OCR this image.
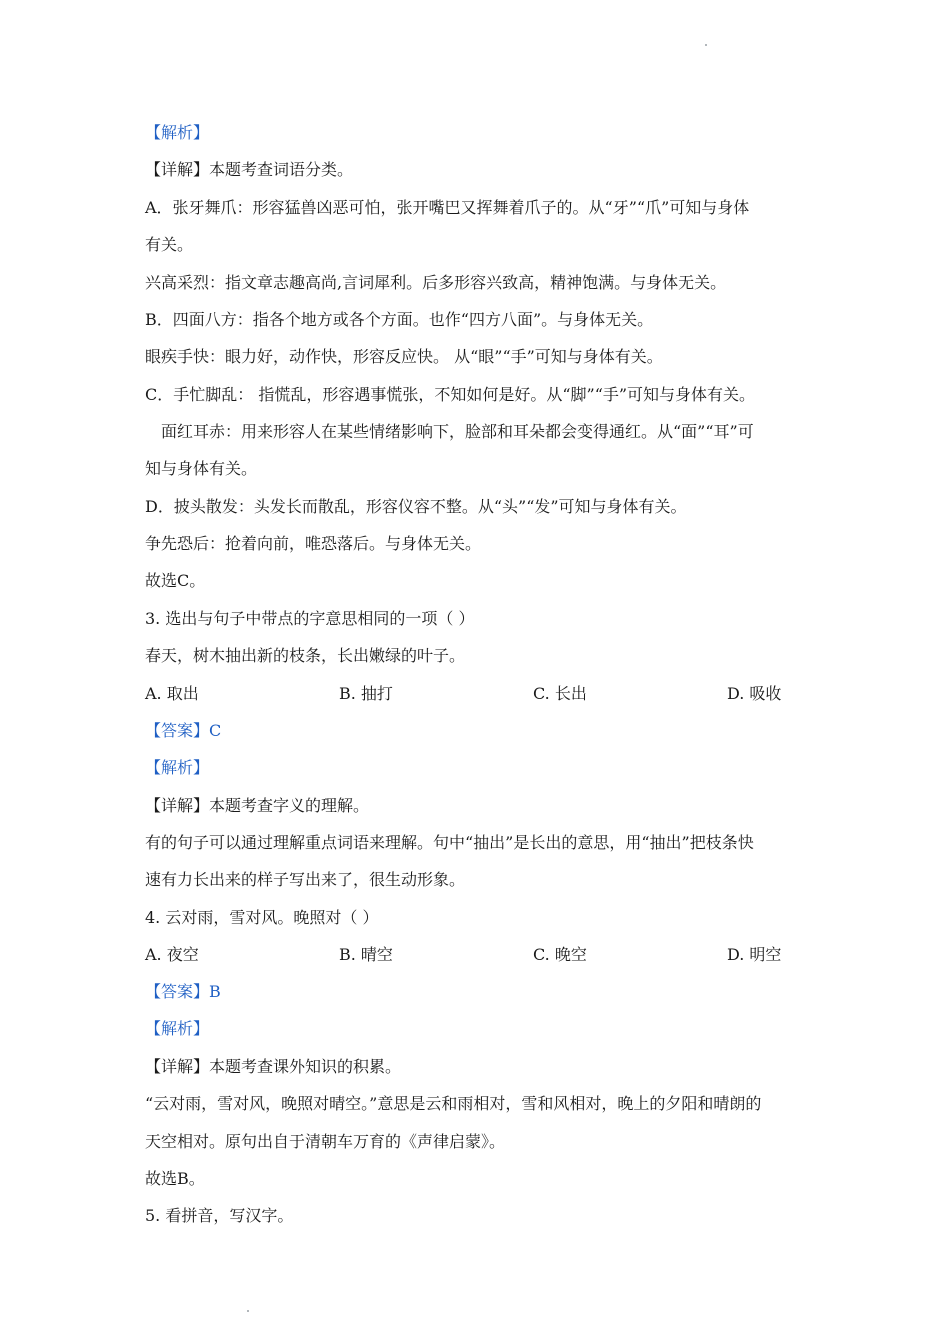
【解析】
【详解】本题考查词语分类。
A．张牙舞爪：形容猛兽凶恶可怕，张开嘴巴又挥舞着爪子的。从“牙”“爪”可知与身体
有关。
兴高采烈：指文章志趣高尚,言词犀利。后多形容兴致高，精神饱满。与身体无关。
B．四面八方：指各个地方或各个方面。也作“四方八面”。与身体无关。
眼疾手快：眼力好，动作快，形容反应快。 从“眼”“手”可知与身体有关。
C．手忙脚乱： 指慌乱，形容遇事慌张，不知如何是好。从“脚”“手”可知与身体有关。
面红耳赤：用来形容人在某些情绪影响下，脸部和耳朵都会变得通红。从“面”“耳”可
知与身体有关。
D．披头散发：头发长而散乱，形容仪容不整。从“头”“发”可知与身体有关。
争先恐后：抢着向前，唯恐落后。与身体无关。
故选C。
3. 选出与句子中带点的字意思相同的一项（ ）
春天，树木抽出新的枝条，长出嫩绿的叶子。
A. 取出	B. 抽打	C. 长出	D. 吸收
【答案】C
【解析】
【详解】本题考查字义的理解。
有的句子可以通过理解重点词语来理解。句中“抽出”是长出的意思，用“抽出”把枝条快
速有力长出来的样子写出来了，很生动形象。
4. 云对雨，雪对风。晚照对（ ）
A. 夜空	B. 晴空	C. 晚空	D. 明空
【答案】B
【解析】
【详解】本题考查课外知识的积累。
“云对雨，雪对风，晚照对晴空。”意思是云和雨相对，雪和风相对，晚上的夕阳和晴朗的
天空相对。原句出自于清朝车万育的《声律启蒙》。
故选B。
5. 看拼音，写汉字。
